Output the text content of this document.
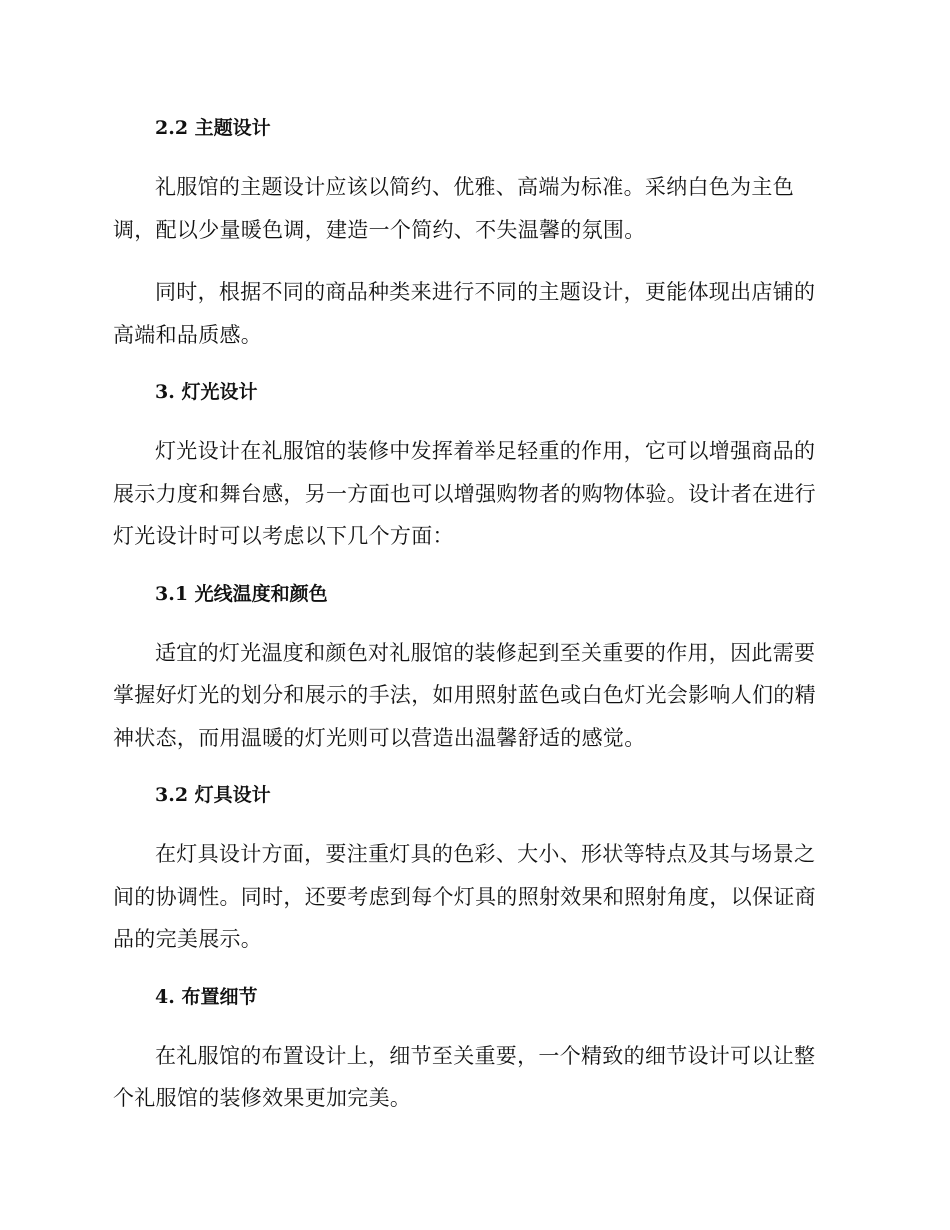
2.2 主题设计

礼服馆的主题设计应该以简约、优雅、高端为标准。采纳白色为主色调，配以少量暖色调，建造一个简约、不失温馨的氛围。

同时，根据不同的商品种类来进行不同的主题设计，更能体现出店铺的高端和品质感。

3. 灯光设计

灯光设计在礼服馆的装修中发挥着举足轻重的作用，它可以增强商品的展示力度和舞台感，另一方面也可以增强购物者的购物体验。设计者在进行灯光设计时可以考虑以下几个方面：

3.1 光线温度和颜色

适宜的灯光温度和颜色对礼服馆的装修起到至关重要的作用，因此需要掌握好灯光的划分和展示的手法，如用照射蓝色或白色灯光会影响人们的精神状态，而用温暖的灯光则可以营造出温馨舒适的感觉。

3.2 灯具设计

在灯具设计方面，要注重灯具的色彩、大小、形状等特点及其与场景之间的协调性。同时，还要考虑到每个灯具的照射效果和照射角度，以保证商品的完美展示。

4. 布置细节

在礼服馆的布置设计上，细节至关重要，一个精致的细节设计可以让整个礼服馆的装修效果更加完美。
